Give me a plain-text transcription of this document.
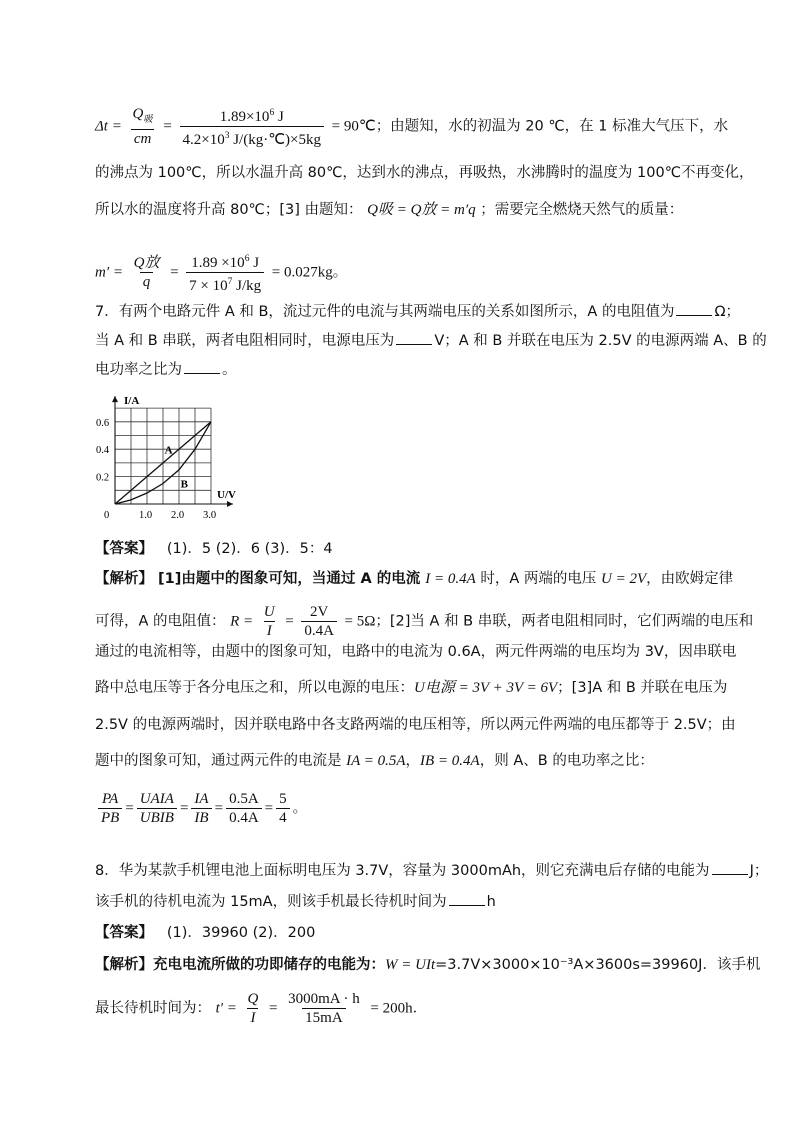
$\Delta t = \frac{Q_吸}{cm} = \frac{1.89\times 10^6 J}{4.2\times 10^3 J/(kg\cdot℃)\times 5kg}$ = 90℃；由题知，水的初温为 20 ℃，在 1 标准大气压下，水
的沸点为 100℃，所以水温升高 80℃，达到水的沸点，再吸热，水沸腾时的温度为 100℃不再变化，
所以水的温度将升高 80℃；[3] 由题知： Q吸 = Q放 = m′q ；需要完全燃烧天然气的质量：
$m' = \frac{\text{Q放}}{q} = \frac{1.89 \times 10^6 J}{7 \times 10^7 J/kg} = 0.027kg$。
7．有两个电路元件 A 和 B，流过元件的电流与其两端电压的关系如图所示，A 的电阻值为	Ω；
当 A 和 B 串联，两者电阻相同时，电源电压为	V；A 和 B 并联在电压为 2.5V 的电源两端 A、B 的
电功率之比为	。
A
B
1.0 2.0 3.0
0.2
0.4
0.6
0
I/A
U/V
【答案】 (1)．5 (2)．6 (3)．5：4
【解析】 [1]由题中的图象可知，当通过 A 的电流 I = 0.4A 时，A 两端的电压 U = 2V，由欧姆定律
可得，A 的电阻值： $R = \frac{U}{I} = \frac{2V}{0.4A} = 5\Omega$；[2]当 A 和 B 串联，两者电阻相同时，它们两端的电压和
通过的电流相等，由题中的图象可知，电路中的电流为 0.6A，两元件两端的电压均为 3V，因串联电
路中总电压等于各分电压之和，所以电源的电压：U电源 = 3V + 3V = 6V；[3]A 和 B 并联在电压为
2.5V 的电源两端时，因并联电路中各支路两端的电压相等，所以两元件两端的电压都等于 2.5V；由
题中的图象可知，通过两元件的电流是 IA = 0.5A，IB = 0.4A，则 A、B 的电功率之比：
$\frac{PA}{PB} = \frac{\text{UAIA}}{\text{UBIB}} = \frac{IA}{IB} = \frac{0.5A}{0.4A} = \frac{5}{4}$ 。
8．华为某款手机锂电池上面标明电压为 3.7V，容量为 3000mAh，则它充满电后存储的电能为	J；
该手机的待机电流为 15mA，则该手机最长待机时间为	h
【答案】 (1)．39960 (2)．200
【解析】充电电流所做的功即储存的电能为：W = UIt=3.7V×3000×10⁻³A×3600s=39960J．该手机
最长待机时间为： $t' = \frac{Q}{I} = \frac{3000mA \cdot h}{15mA} = 200h$．
